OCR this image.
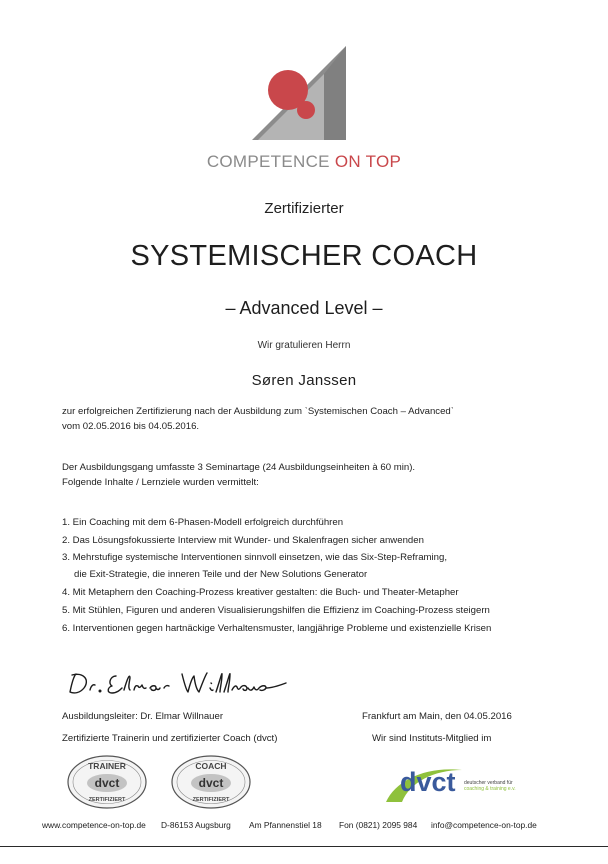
COMPETENCE ON TOP
Zertifizierter
SYSTEMISCHER COACH
– Advanced Level –
Wir gratulieren Herrn
Søren Janssen
zur erfolgreichen Zertifizierung nach der Ausbildung zum ˋSystemischen Coach – Advancedˋ
vom 02.05.2016 bis 04.05.2016.
Der Ausbildungsgang umfasste 3 Seminartage (24 Ausbildungseinheiten à 60 min).
Folgende Inhalte / Lernziele wurden vermittelt:
1. Ein Coaching mit dem 6-Phasen-Modell erfolgreich durchführen
2. Das Lösungsfokussierte Interview mit Wunder- und Skalenfragen sicher anwenden
3. Mehrstufige systemische Interventionen sinnvoll einsetzen, wie das Six-Step-Reframing,
die Exit-Strategie, die inneren Teile und der New Solutions Generator
4. Mit Metaphern den Coaching-Prozess kreativer gestalten: die Buch- und Theater-Metapher
5. Mit Stühlen, Figuren und anderen Visualisierungshilfen die Effizienz im Coaching-Prozess steigern
6. Interventionen gegen hartnäckige Verhaltensmuster, langjährige Probleme und existenzielle Krisen
Ausbildungsleiter: Dr. Elmar Willnauer	Frankfurt am Main, den 04.05.2016
Zertifizierte Trainerin und zertifizierter Coach (dvct)	Wir sind Instituts-Mitglied im
TRAINER
dvct
ZERTIFIZIERT
COACH
dvct
ZERTIFIZIERT
dvct deutscher verband für
coaching & training e.v.
www.competence-on-top.de D-86153 Augsburg Am Pfannenstiel 18 Fon (0821) 2095 984 info@competence-on-top.de
